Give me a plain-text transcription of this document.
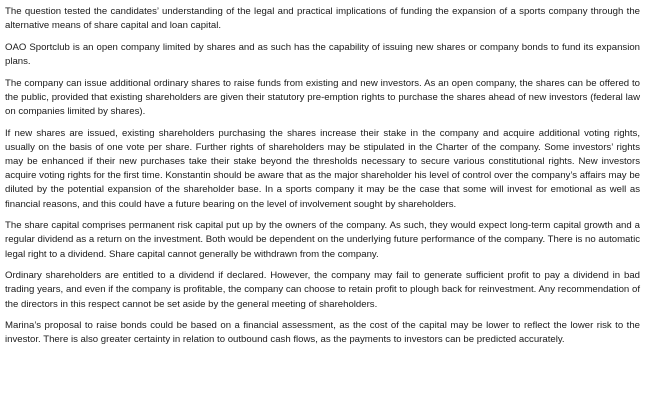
The question tested the candidates’ understanding of the legal and practical implications of funding the expansion of a sports company through the alternative means of share capital and loan capital.

OAO Sportclub is an open company limited by shares and as such has the capability of issuing new shares or company bonds to fund its expansion plans.

The company can issue additional ordinary shares to raise funds from existing and new investors. As an open company, the shares can be offered to the public, provided that existing shareholders are given their statutory pre-emption rights to purchase the shares ahead of new investors (federal law on companies limited by shares).

If new shares are issued, existing shareholders purchasing the shares increase their stake in the company and acquire additional voting rights, usually on the basis of one vote per share. Further rights of shareholders may be stipulated in the Charter of the company. Some investors’ rights may be enhanced if their new purchases take their stake beyond the thresholds necessary to secure various constitutional rights. New investors acquire voting rights for the first time. Konstantin should be aware that as the major shareholder his level of control over the company’s affairs may be diluted by the potential expansion of the shareholder base. In a sports company it may be the case that some will invest for emotional as well as financial reasons, and this could have a future bearing on the level of involvement sought by shareholders.

The share capital comprises permanent risk capital put up by the owners of the company. As such, they would expect long-term capital growth and a regular dividend as a return on the investment. Both would be dependent on the underlying future performance of the company. There is no automatic legal right to a dividend. Share capital cannot generally be withdrawn from the company.

Ordinary shareholders are entitled to a dividend if declared. However, the company may fail to generate sufficient profit to pay a dividend in bad trading years, and even if the company is profitable, the company can choose to retain profit to plough back for reinvestment. Any recommendation of the directors in this respect cannot be set aside by the general meeting of shareholders.

Marina’s proposal to raise bonds could be based on a financial assessment, as the cost of the capital may be lower to reflect the lower risk to the investor. There is also greater certainty in relation to outbound cash flows, as the payments to investors can be predicted accurately.
